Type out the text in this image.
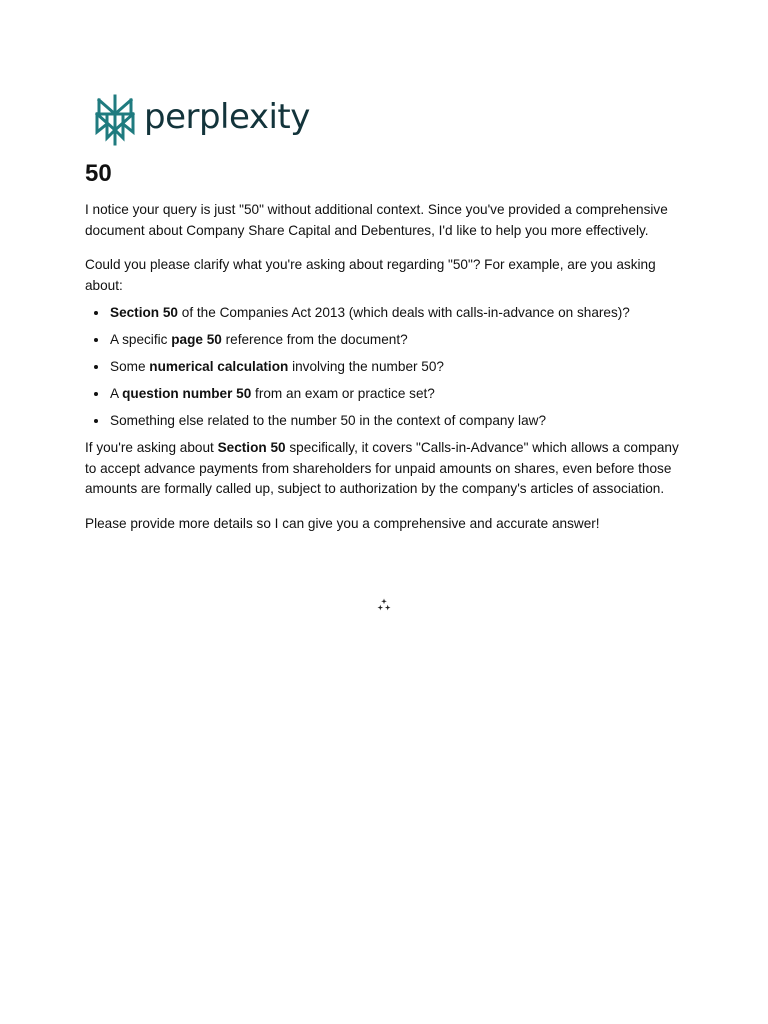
perplexity
50

I notice your query is just "50" without additional context. Since you've provided a comprehensive document about Company Share Capital and Debentures, I'd like to help you more effectively.

Could you please clarify what you're asking about regarding "50"? For example, are you asking about:

• Section 50 of the Companies Act 2013 (which deals with calls-in-advance on shares)?
• A specific page 50 reference from the document?
• Some numerical calculation involving the number 50?
• A question number 50 from an exam or practice set?
• Something else related to the number 50 in the context of company law?

If you're asking about Section 50 specifically, it covers "Calls-in-Advance" which allows a company to accept advance payments from shareholders for unpaid amounts on shares, even before those amounts are formally called up, subject to authorization by the company's articles of association.

Please provide more details so I can give you a comprehensive and accurate answer!
